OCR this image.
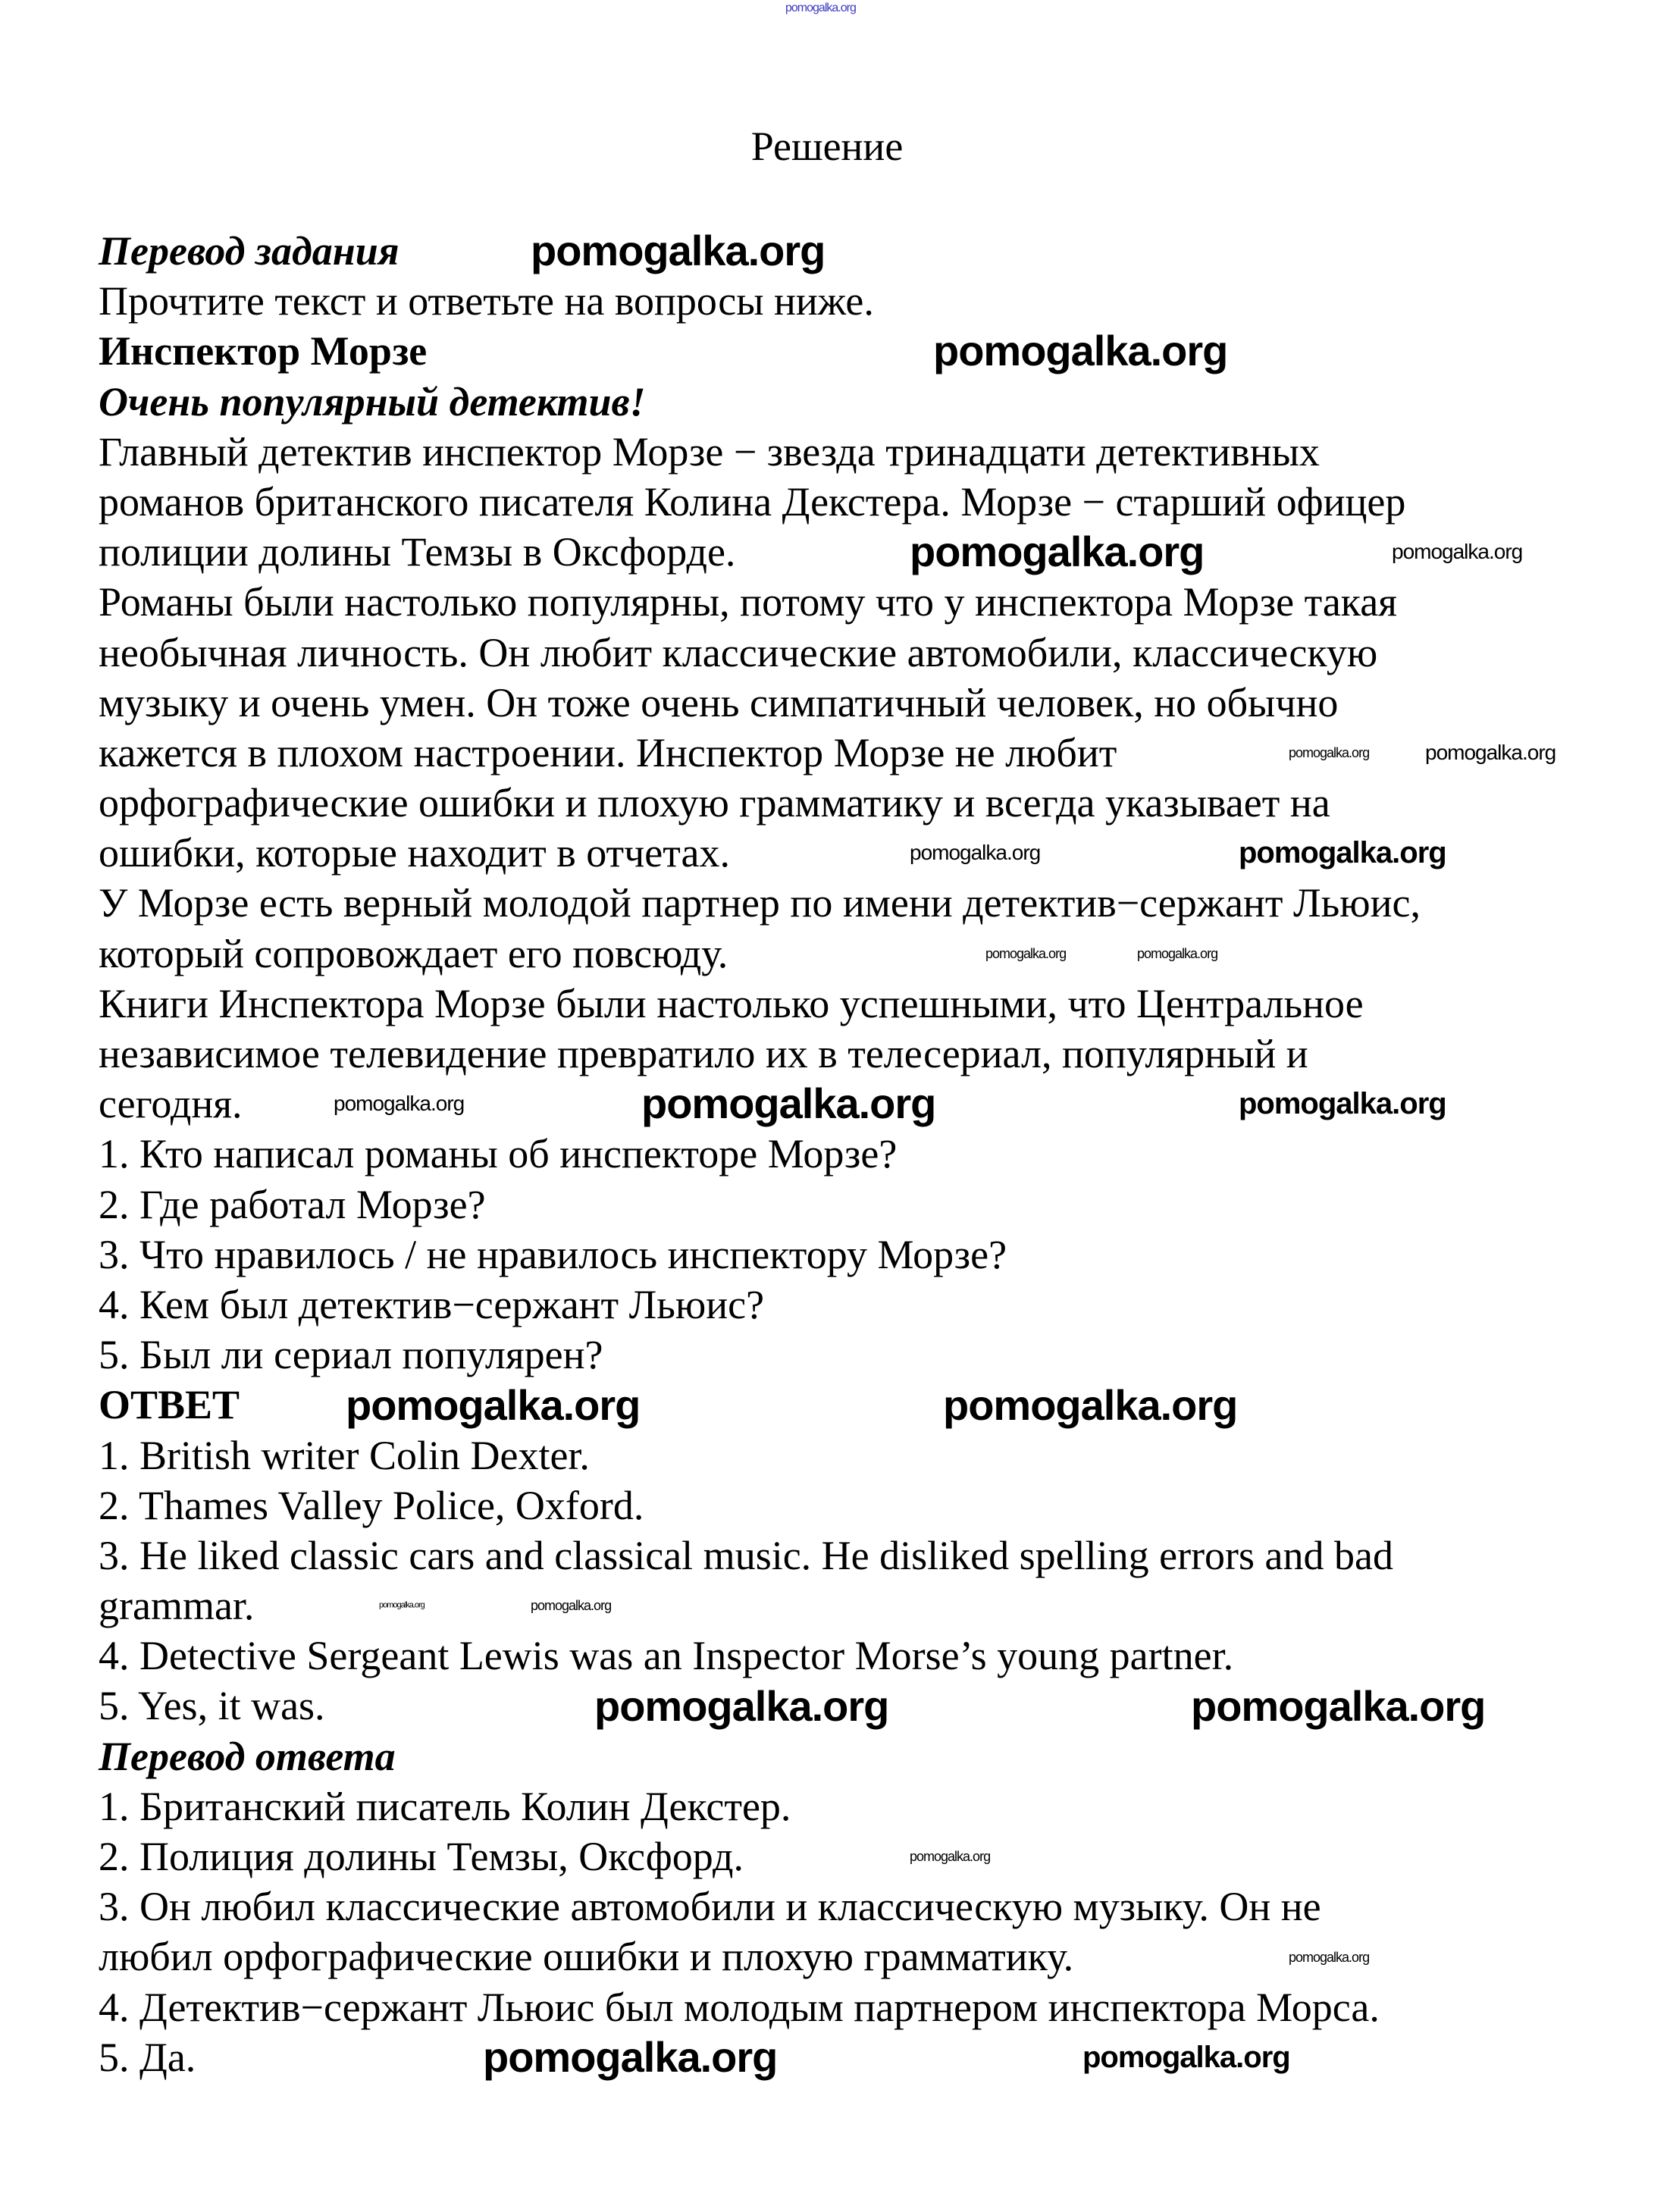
Решение
Перевод задания
Прочтите текст и ответьте на вопросы ниже.
Инспектор Морзе
Очень популярный детектив!
Главный детектив инспектор Морзе − звезда тринадцати детективных
романов британского писателя Колина Декстера. Морзе − старший офицер
полиции долины Темзы в Оксфорде.
Романы были настолько популярны, потому что у инспектора Морзе такая
необычная личность. Он любит классические автомобили, классическую
музыку и очень умен. Он тоже очень симпатичный человек, но обычно
кажется в плохом настроении. Инспектор Морзе не любит
орфографические ошибки и плохую грамматику и всегда указывает на
ошибки, которые находит в отчетах.
У Морзе есть верный молодой партнер по имени детектив−сержант Льюис,
который сопровождает его повсюду.
Книги Инспектора Морзе были настолько успешными, что Центральное
независимое телевидение превратило их в телесериал, популярный и
сегодня.
1. Кто написал романы об инспекторе Морзе?
2. Где работал Морзе?
3. Что нравилось / не нравилось инспектору Морзе?
4. Кем был детектив−сержант Льюис?
5. Был ли сериал популярен?
ОТВЕТ
1. British writer Colin Dexter.
2. Thames Valley Police, Oxford.
3. He liked classic cars and classical music. He disliked spelling errors and bad
grammar.
4. Detective Sergeant Lewis was an Inspector Morse’s young partner.
5. Yes, it was.
Перевод ответа
1. Британский писатель Колин Декстер.
2. Полиция долины Темзы, Оксфорд.
3. Он любил классические автомобили и классическую музыку. Он не
любил орфографические ошибки и плохую грамматику.
4. Детектив−сержант Льюис был молодым партнером инспектора Морса.
5. Да.
pomogalka.org
pomogalka.org
pomogalka.org
pomogalka.org	pomogalka.org
pomogalka.org
pomogalka.org	pomogalka.org
pomogalka.org
pomogalka.org	pomogalka.org
pomogalka.org	pomogalka.org	pomogalka.org
pomogalka.org	pomogalka.org
pomogalka.org	pomogalka.org
pomogalka.org	pomogalka.org
pomogalka.org
pomogalka.org
pomogalka.org	pomogalka.org
